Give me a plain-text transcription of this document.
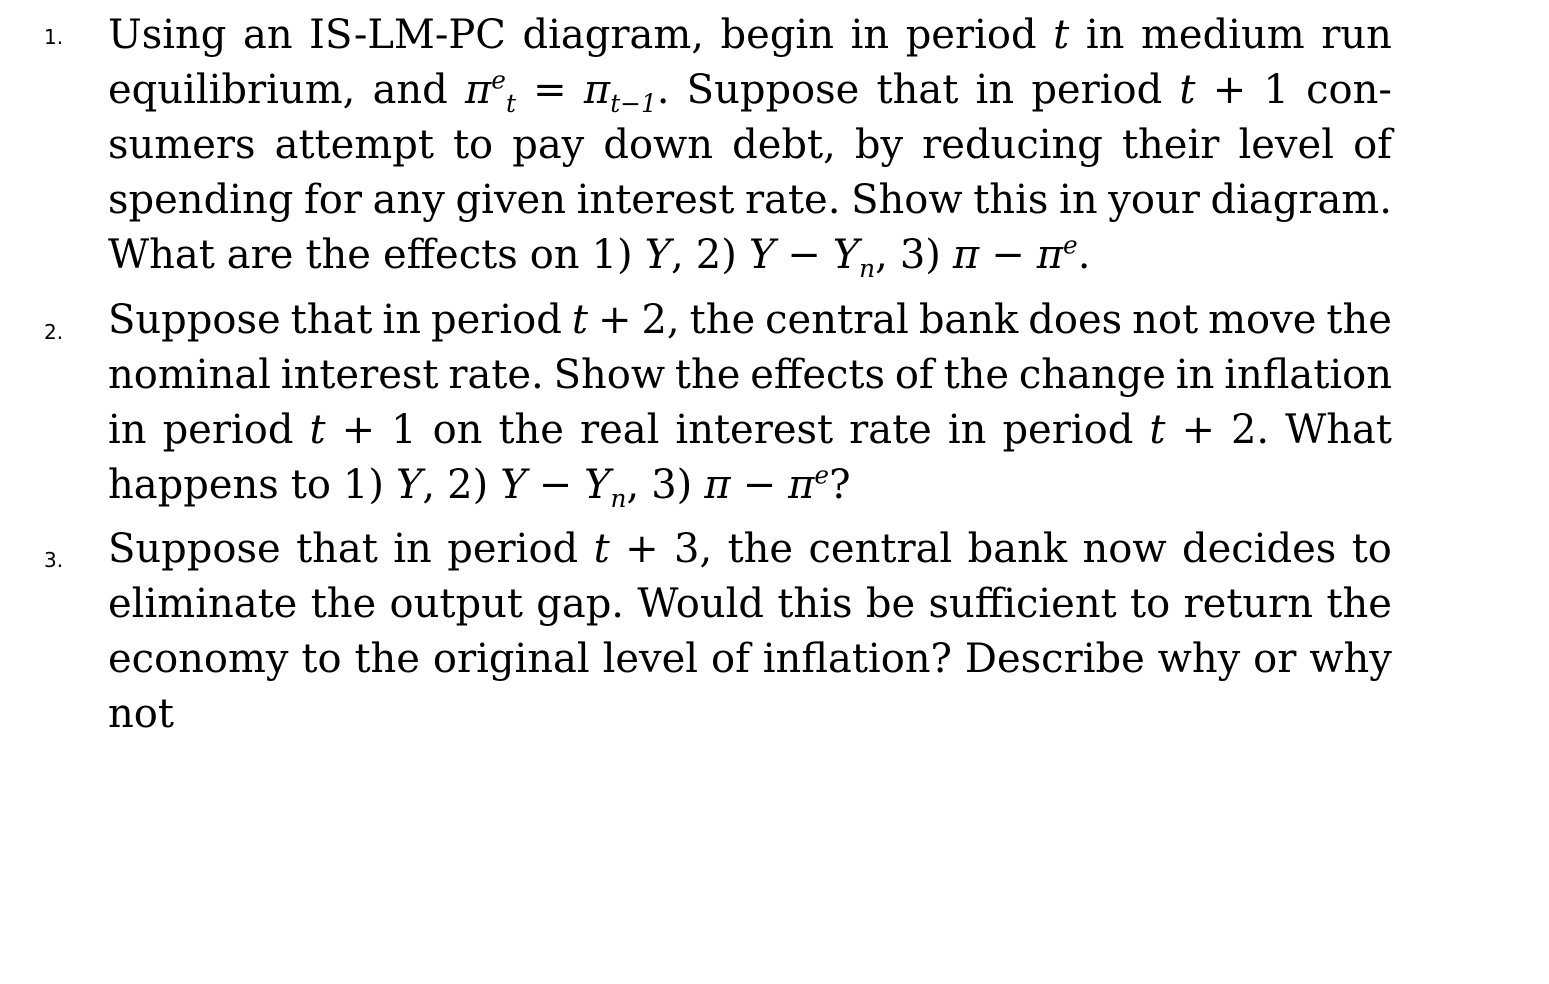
1. Using an IS-LM-PC diagram, begin in period t in medium run
equilibrium, and $\pi^e_t = \pi_{t-1}$. Suppose that in period t + 1 con-
sumers attempt to pay down debt, by reducing their level of
spending for any given interest rate. Show this in your diagram.
What are the effects on 1) Y, 2) $Y - Y_n$, 3) $\pi - \pi^e$.
2. Suppose that in period t + 2, the central bank does not move the
nominal interest rate. Show the effects of the change in inflation
in period t + 1 on the real interest rate in period t + 2. What
happens to 1) Y, 2) $Y - Y_n$, 3) $\pi - \pi^e$?
3. Suppose that in period t + 3, the central bank now decides to
eliminate the output gap. Would this be sufficient to return the
economy to the original level of inflation? Describe why or why
not
